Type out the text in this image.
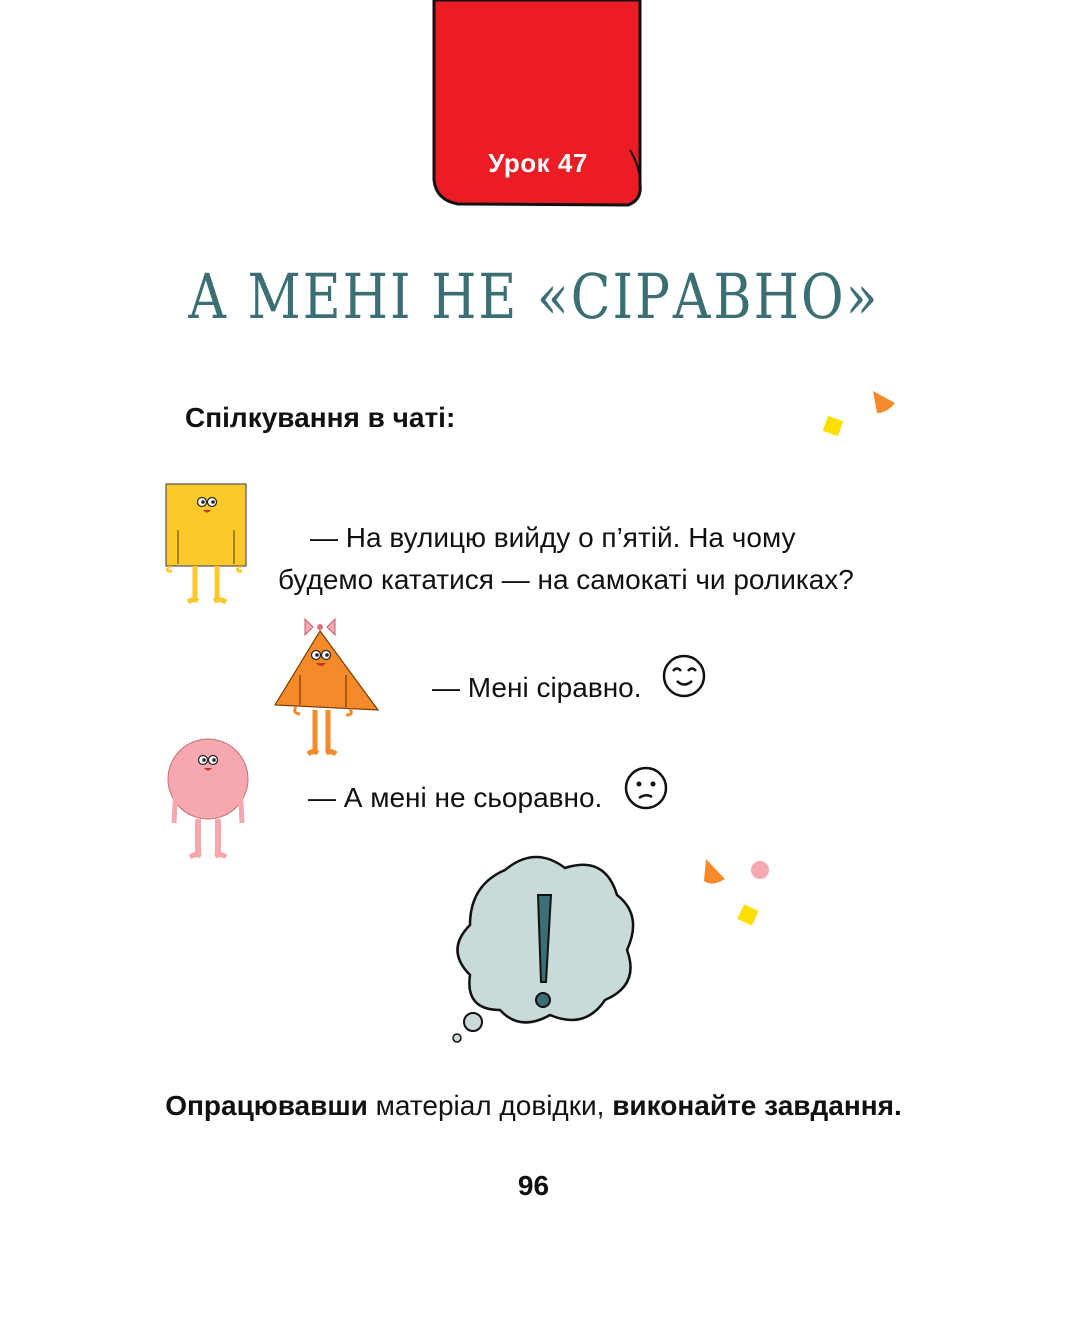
Урок 47
А МЕНІ НЕ «СІРАВНО»
Спілкування в чаті:
— На вулицю вийду о п’ятій. На чому
будемо кататися — на самокаті чи роликах?
— Мені сіравно.
— А мені не сьоравно.
Опрацювавши матеріал довідки, виконайте завдання.
96
